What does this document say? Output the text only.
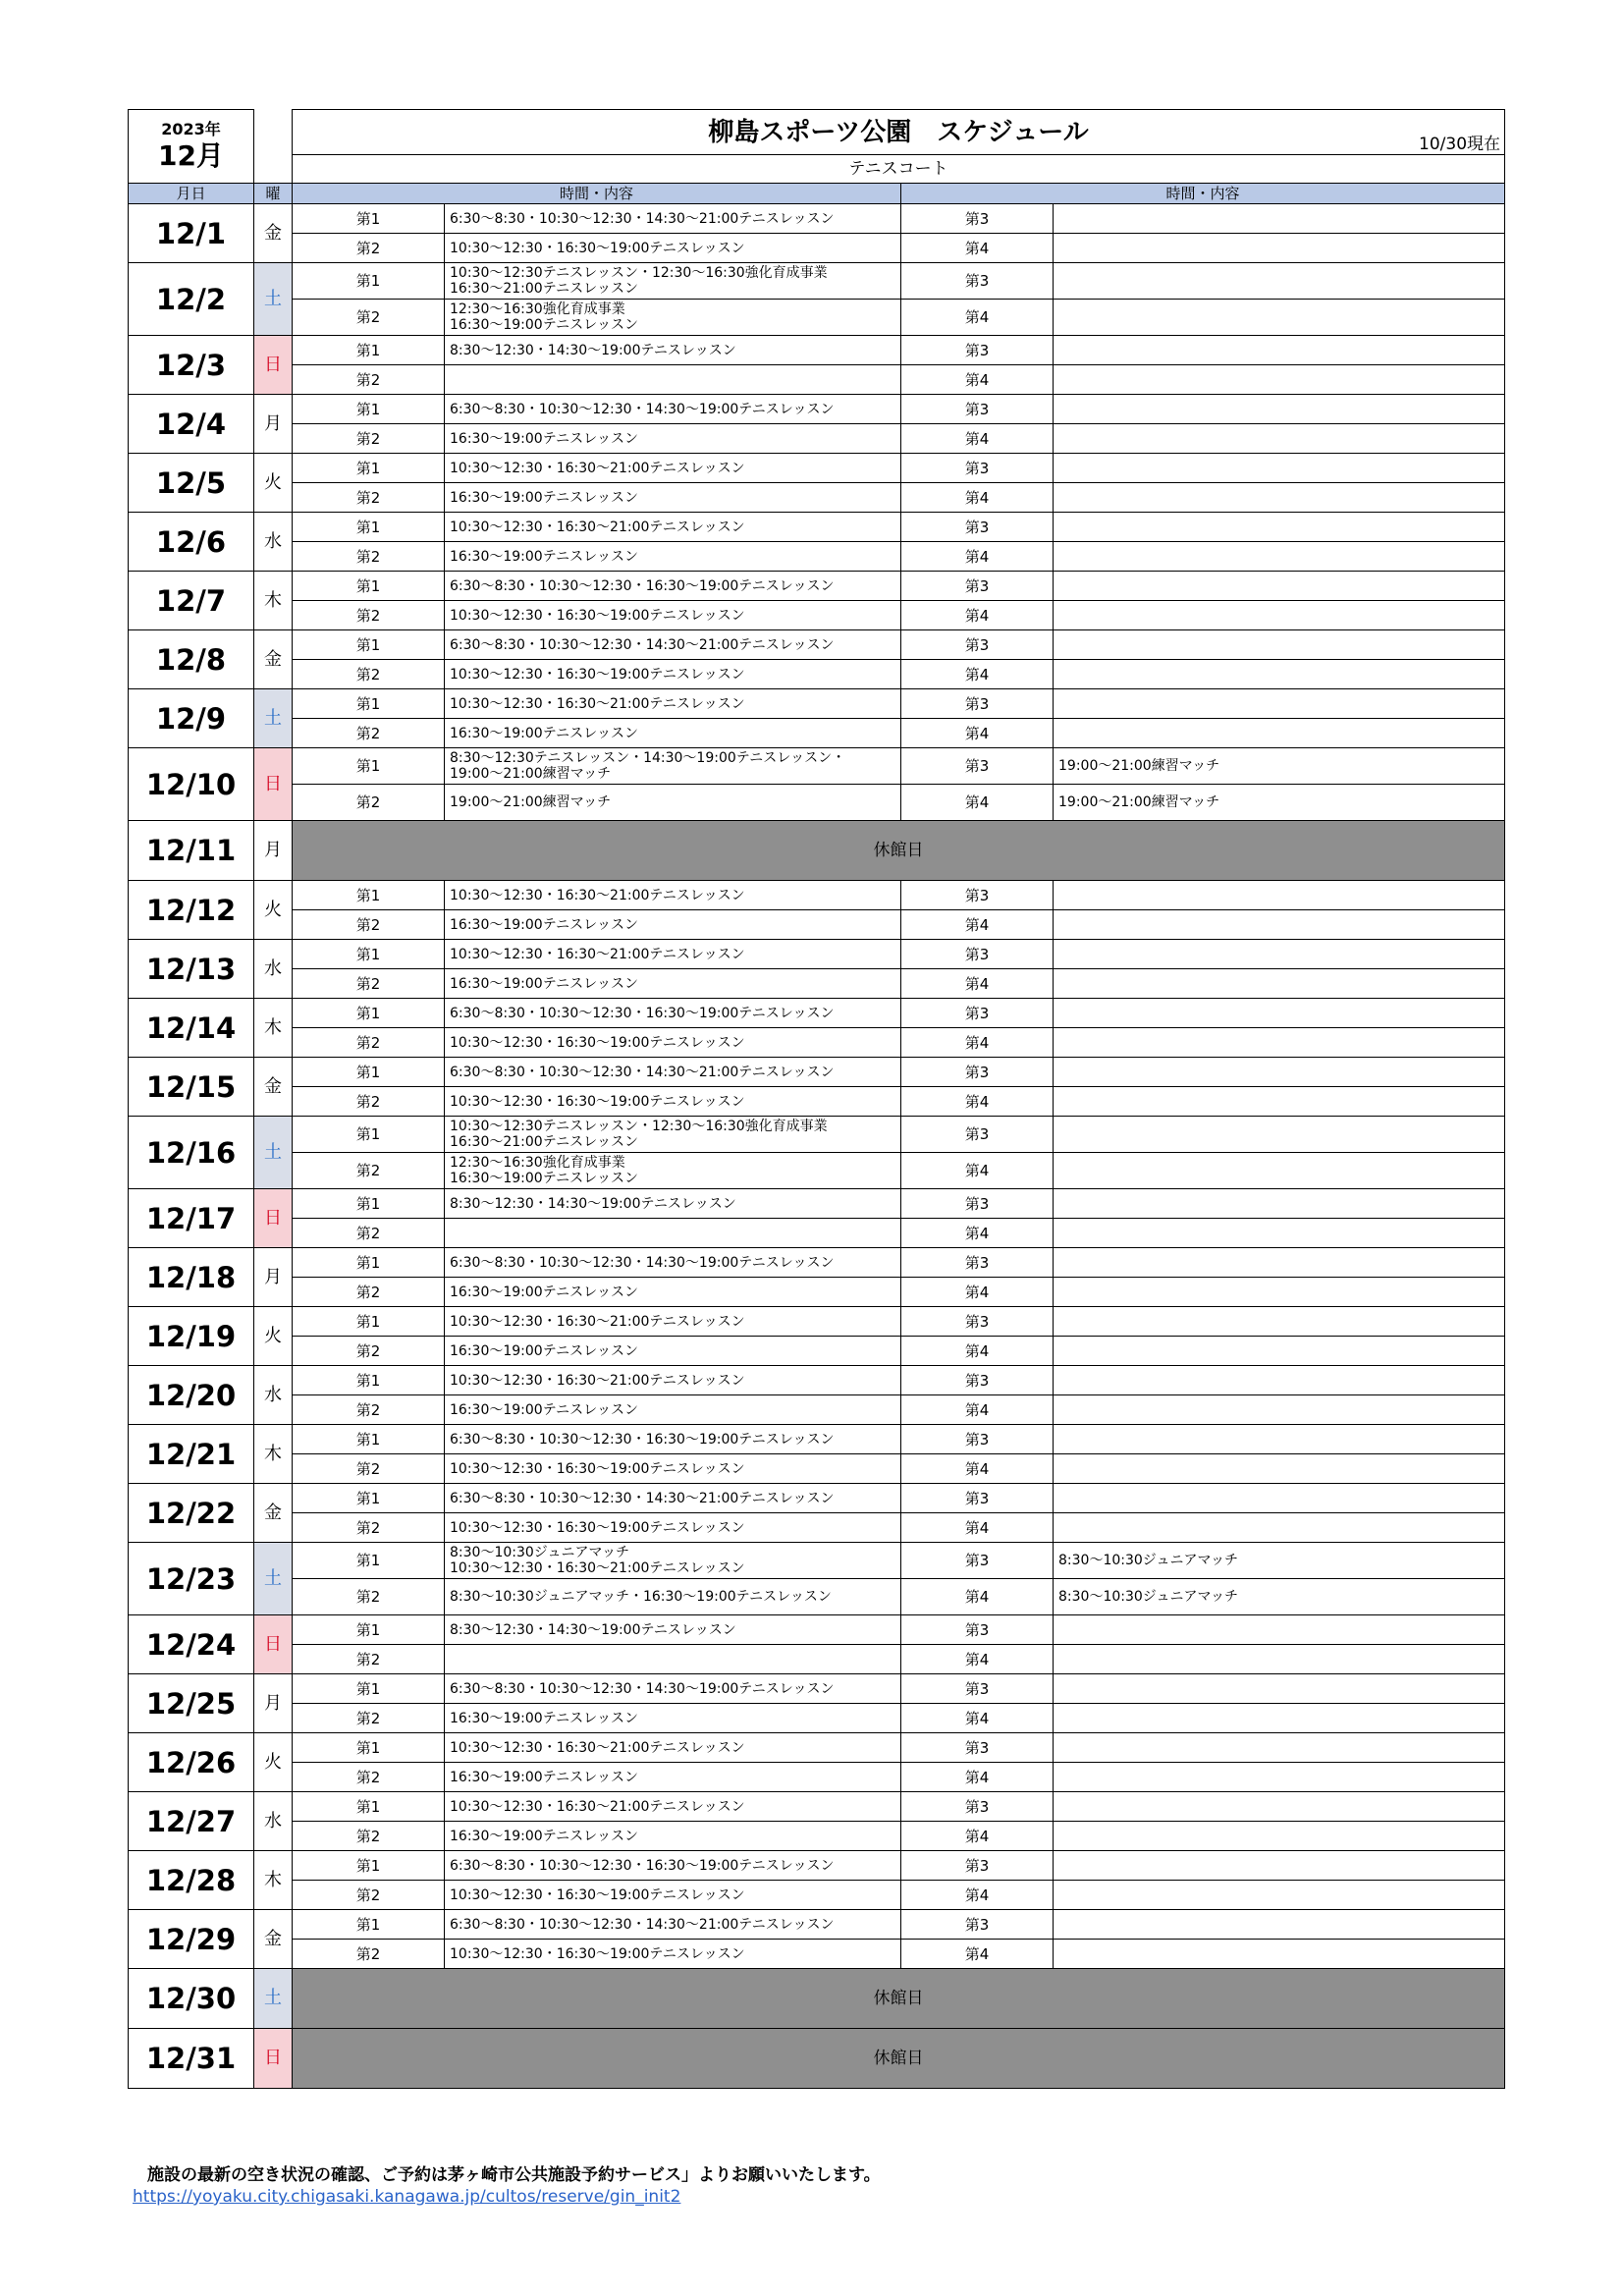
2023年
12月		柳島スポーツ公園　スケジュール 10/30現在			

		テニスコート			
月日	曜	時間・内容		時間・内容	
12/1	金	第1	6:30〜8:30・10:30〜12:30・14:30〜21:00テニスレッスン	第3	
		第2	10:30〜12:30・16:30〜19:00テニスレッスン	第4	
12/2	土	第1	10:30〜12:30テニスレッスン・12:30〜16:30強化育成事業
16:30〜21:00テニスレッスン	第3	
		第2	12:30〜16:30強化育成事業
16:30〜19:00テニスレッスン	第4	
12/3	日	第1	8:30〜12:30・14:30〜19:00テニスレッスン	第3	
		第2		第4	
12/4	月	第1	6:30〜8:30・10:30〜12:30・14:30〜19:00テニスレッスン	第3	
		第2	16:30〜19:00テニスレッスン	第4	
12/5	火	第1	10:30〜12:30・16:30〜21:00テニスレッスン	第3	
		第2	16:30〜19:00テニスレッスン	第4	
12/6	水	第1	10:30〜12:30・16:30〜21:00テニスレッスン	第3	
		第2	16:30〜19:00テニスレッスン	第4	
12/7	木	第1	6:30〜8:30・10:30〜12:30・16:30〜19:00テニスレッスン	第3	
		第2	10:30〜12:30・16:30〜19:00テニスレッスン	第4	
12/8	金	第1	6:30〜8:30・10:30〜12:30・14:30〜21:00テニスレッスン	第3	
		第2	10:30〜12:30・16:30〜19:00テニスレッスン	第4	
12/9	土	第1	10:30〜12:30・16:30〜21:00テニスレッスン	第3	
		第2	16:30〜19:00テニスレッスン	第4	
12/10	日	第1	8:30〜12:30テニスレッスン・14:30〜19:00テニスレッスン・
19:00〜21:00練習マッチ	第3	19:00〜21:00練習マッチ
		第2	19:00〜21:00練習マッチ	第4	19:00〜21:00練習マッチ
12/11	月	休館日			
12/12	火	第1	10:30〜12:30・16:30〜21:00テニスレッスン	第3	
		第2	16:30〜19:00テニスレッスン	第4	
12/13	水	第1	10:30〜12:30・16:30〜21:00テニスレッスン	第3	
		第2	16:30〜19:00テニスレッスン	第4	
12/14	木	第1	6:30〜8:30・10:30〜12:30・16:30〜19:00テニスレッスン	第3	
		第2	10:30〜12:30・16:30〜19:00テニスレッスン	第4	
12/15	金	第1	6:30〜8:30・10:30〜12:30・14:30〜21:00テニスレッスン	第3	
		第2	10:30〜12:30・16:30〜19:00テニスレッスン	第4	
12/16	土	第1	10:30〜12:30テニスレッスン・12:30〜16:30強化育成事業
16:30〜21:00テニスレッスン	第3	
		第2	12:30〜16:30強化育成事業
16:30〜19:00テニスレッスン	第4	
12/17	日	第1	8:30〜12:30・14:30〜19:00テニスレッスン	第3	
		第2		第4	
12/18	月	第1	6:30〜8:30・10:30〜12:30・14:30〜19:00テニスレッスン	第3	
		第2	16:30〜19:00テニスレッスン	第4	
12/19	火	第1	10:30〜12:30・16:30〜21:00テニスレッスン	第3	
		第2	16:30〜19:00テニスレッスン	第4	
12/20	水	第1	10:30〜12:30・16:30〜21:00テニスレッスン	第3	
		第2	16:30〜19:00テニスレッスン	第4	
12/21	木	第1	6:30〜8:30・10:30〜12:30・16:30〜19:00テニスレッスン	第3	
		第2	10:30〜12:30・16:30〜19:00テニスレッスン	第4	
12/22	金	第1	6:30〜8:30・10:30〜12:30・14:30〜21:00テニスレッスン	第3	
		第2	10:30〜12:30・16:30〜19:00テニスレッスン	第4	
12/23	土	第1	8:30〜10:30ジュニアマッチ
10:30〜12:30・16:30〜21:00テニスレッスン	第3	8:30〜10:30ジュニアマッチ
		第2	8:30〜10:30ジュニアマッチ・16:30〜19:00テニスレッスン	第4	8:30〜10:30ジュニアマッチ
12/24	日	第1	8:30〜12:30・14:30〜19:00テニスレッスン	第3	
		第2		第4	
12/25	月	第1	6:30〜8:30・10:30〜12:30・14:30〜19:00テニスレッスン	第3	
		第2	16:30〜19:00テニスレッスン	第4	
12/26	火	第1	10:30〜12:30・16:30〜21:00テニスレッスン	第3	
		第2	16:30〜19:00テニスレッスン	第4	
12/27	水	第1	10:30〜12:30・16:30〜21:00テニスレッスン	第3	
		第2	16:30〜19:00テニスレッスン	第4	
12/28	木	第1	6:30〜8:30・10:30〜12:30・16:30〜19:00テニスレッスン	第3	
		第2	10:30〜12:30・16:30〜19:00テニスレッスン	第4	
12/29	金	第1	6:30〜8:30・10:30〜12:30・14:30〜21:00テニスレッスン	第3	
		第2	10:30〜12:30・16:30〜19:00テニスレッスン	第4	
12/30	土	休館日			
12/31	日	休館日			
施設の最新の空き状況の確認、ご予約は茅ヶ崎市公共施設予約サービス」よりお願いいたします。
https://yoyaku.city.chigasaki.kanagawa.jp/cultos/reserve/gin_init2
